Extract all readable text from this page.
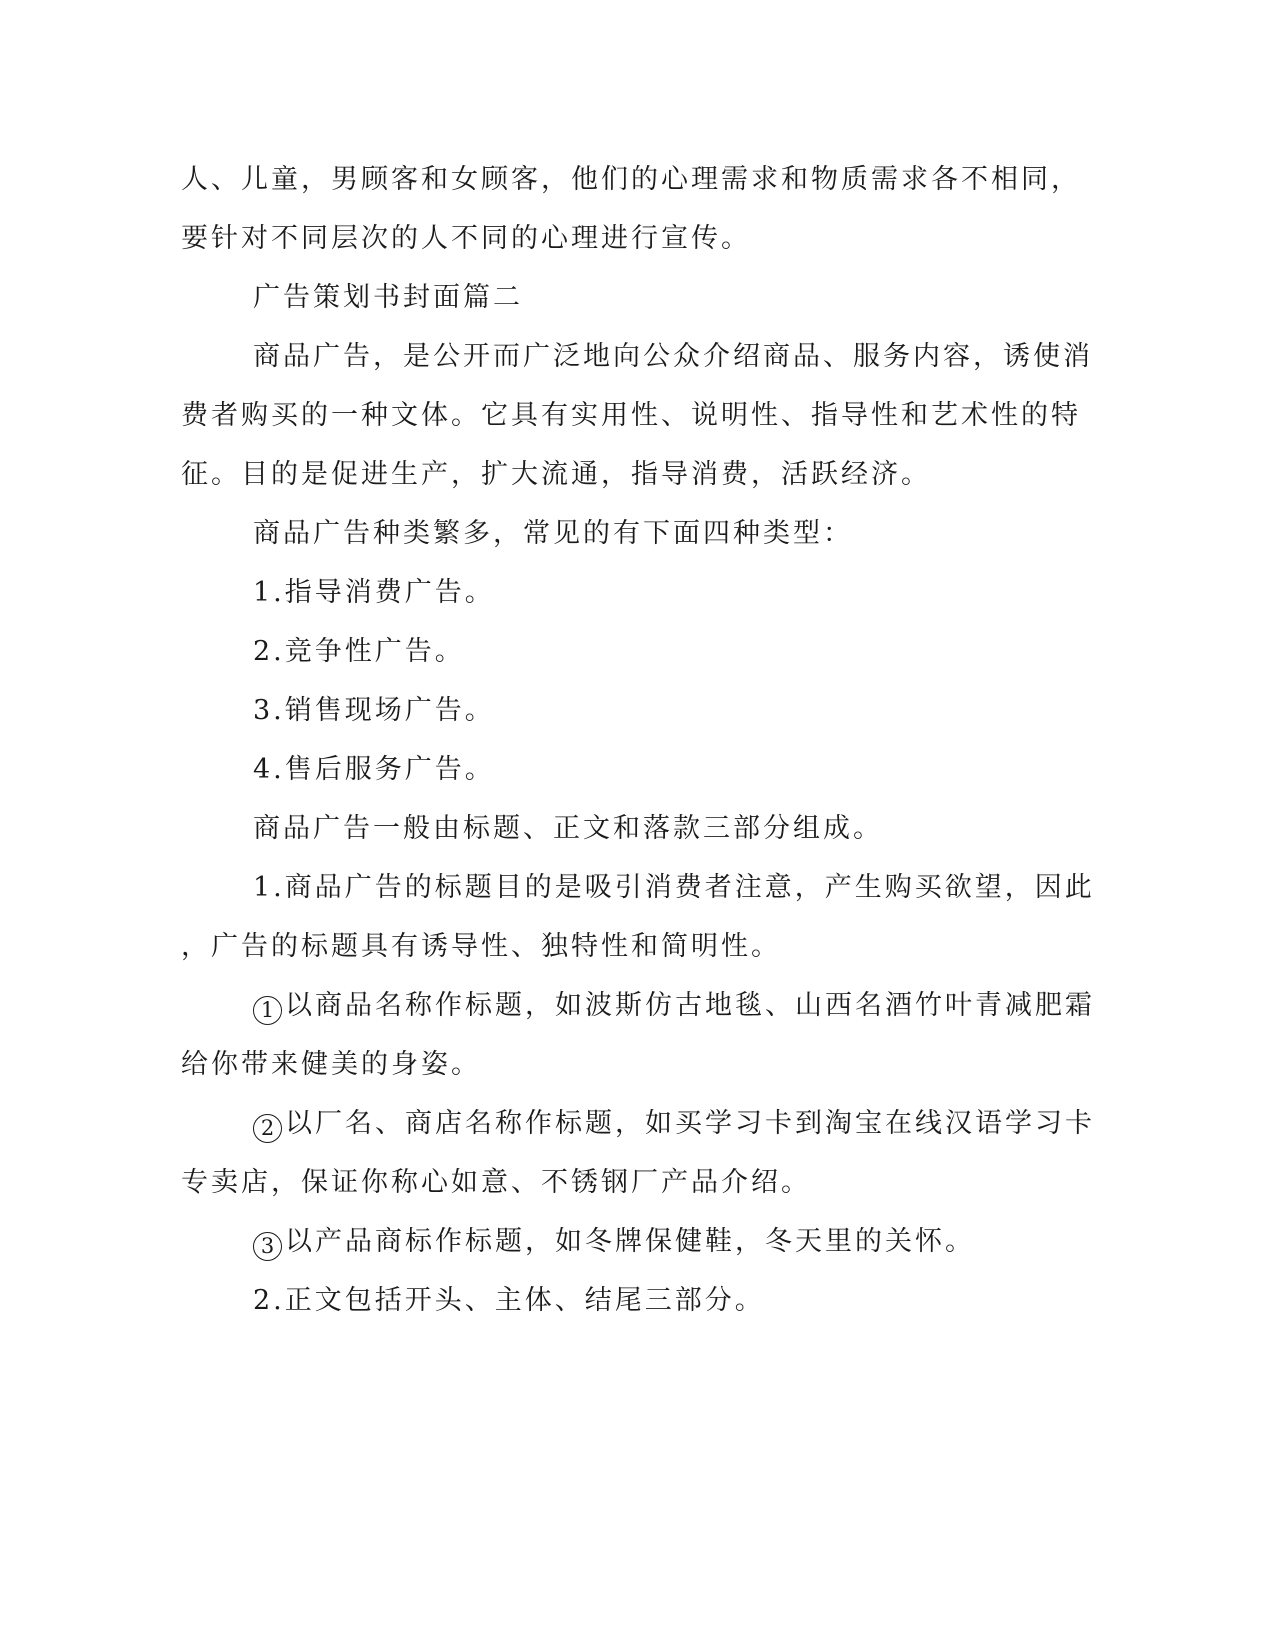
人、儿童，男顾客和女顾客，他们的心理需求和物质需求各不相同，
要针对不同层次的人不同的心理进行宣传。
广告策划书封面篇二
商品广告，是公开而广泛地向公众介绍商品、服务内容，诱使消
费者购买的一种文体。它具有实用性、说明性、指导性和艺术性的特
征。目的是促进生产，扩大流通，指导消费，活跃经济。
商品广告种类繁多，常见的有下面四种类型：
1.指导消费广告。
2.竞争性广告。
3.销售现场广告。
4.售后服务广告。
商品广告一般由标题、正文和落款三部分组成。
1.商品广告的标题目的是吸引消费者注意，产生购买欲望，因此
，广告的标题具有诱导性、独特性和简明性。
1 以商品名称作标题，如波斯仿古地毯、山西名酒竹叶青减肥霜
给你带来健美的身姿。
2 以厂名、商店名称作标题，如买学习卡到淘宝在线汉语学习卡
专卖店，保证你称心如意、不锈钢厂产品介绍。
3 以产品商标作标题，如冬牌保健鞋，冬天里的关怀。
2.正文包括开头、主体、结尾三部分。
